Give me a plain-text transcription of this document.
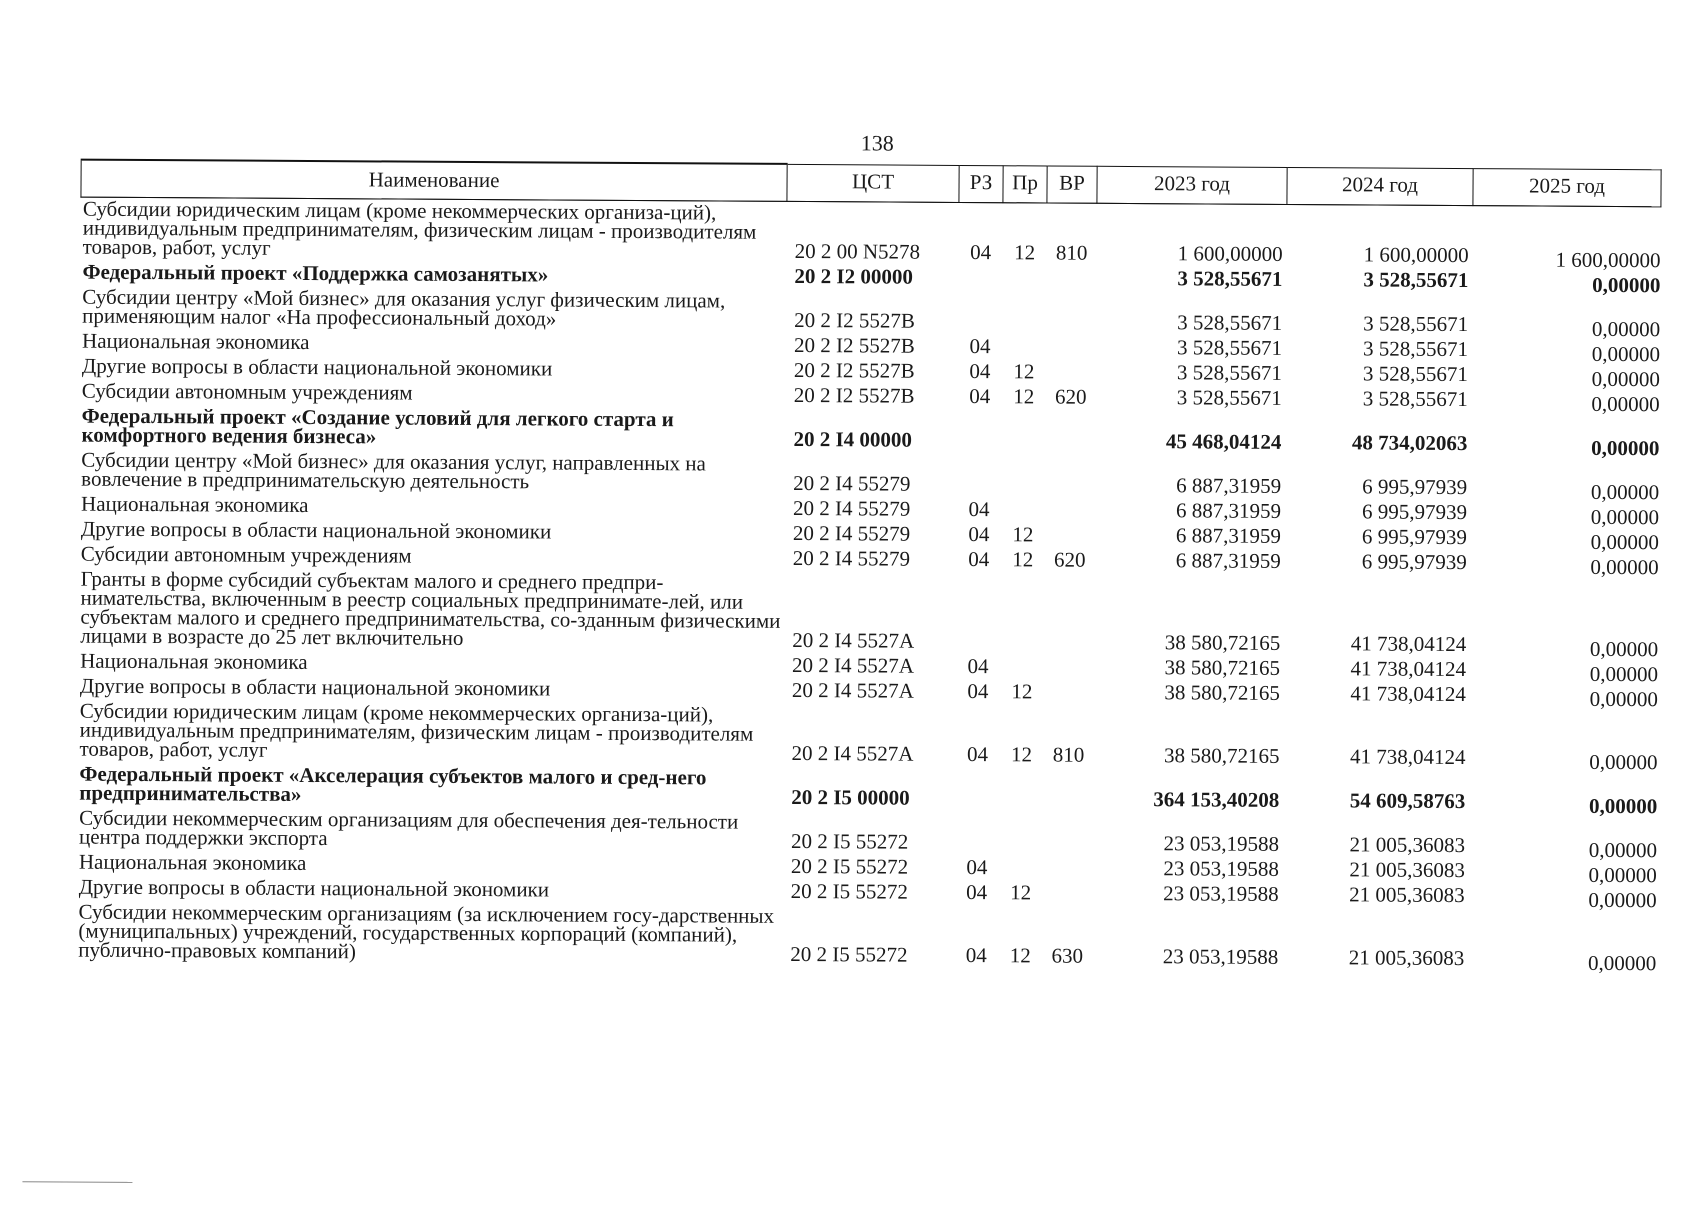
138
Наименование	ЦСТ	РЗ	Пр	ВР	2023 год	2024 год	2025 год
Субсидии юридическим лицам (кроме некоммерческих организа-ций), индивидуальным предпринимателям, физическим лицам - производителям товаров, работ, услуг	20 2 00 N5278	04	12	810	1 600,00000	1 600,00000	1 600,00000
Федеральный проект «Поддержка самозанятых»	20 2 I2 00000				3 528,55671	3 528,55671	0,00000
Субсидии центру «Мой бизнес» для оказания услуг физическим лицам, применяющим налог «На профессиональный доход»	20 2 I2 5527B				3 528,55671	3 528,55671	0,00000
Национальная экономика	20 2 I2 5527B	04			3 528,55671	3 528,55671	0,00000
Другие вопросы в области национальной экономики	20 2 I2 5527B	04	12		3 528,55671	3 528,55671	0,00000
Субсидии автономным учреждениям	20 2 I2 5527B	04	12	620	3 528,55671	3 528,55671	0,00000
Федеральный проект «Создание условий для легкого старта и комфортного ведения бизнеса»	20 2 I4 00000				45 468,04124	48 734,02063	0,00000
Субсидии центру «Мой бизнес» для оказания услуг, направленных на вовлечение в предпринимательскую деятельность	20 2 I4 55279				6 887,31959	6 995,97939	0,00000
Национальная экономика	20 2 I4 55279	04			6 887,31959	6 995,97939	0,00000
Другие вопросы в области национальной экономики	20 2 I4 55279	04	12		6 887,31959	6 995,97939	0,00000
Субсидии автономным учреждениям	20 2 I4 55279	04	12	620	6 887,31959	6 995,97939	0,00000
Гранты в форме субсидий субъектам малого и среднего предпри-нимательства, включенным в реестр социальных предпринимате-лей, или субъектам малого и среднего предпринимательства, со-зданным физическими лицами в возрасте до 25 лет включительно	20 2 I4 5527A				38 580,72165	41 738,04124	0,00000
Национальная экономика	20 2 I4 5527A	04			38 580,72165	41 738,04124	0,00000
Другие вопросы в области национальной экономики	20 2 I4 5527A	04	12		38 580,72165	41 738,04124	0,00000
Субсидии юридическим лицам (кроме некоммерческих организа-ций), индивидуальным предпринимателям, физическим лицам - производителям товаров, работ, услуг	20 2 I4 5527A	04	12	810	38 580,72165	41 738,04124	0,00000
Федеральный проект «Акселерация субъектов малого и сред-него предпринимательства»	20 2 I5 00000				364 153,40208	54 609,58763	0,00000
Субсидии некоммерческим организациям для обеспечения дея-тельности центра поддержки экспорта	20 2 I5 55272				23 053,19588	21 005,36083	0,00000
Национальная экономика	20 2 I5 55272	04			23 053,19588	21 005,36083	0,00000
Другие вопросы в области национальной экономики	20 2 I5 55272	04	12		23 053,19588	21 005,36083	0,00000
Субсидии некоммерческим организациям (за исключением госу-дарственных (муниципальных) учреждений, государственных корпораций (компаний), публично-правовых компаний)	20 2 I5 55272	04	12	630	23 053,19588	21 005,36083	0,00000
